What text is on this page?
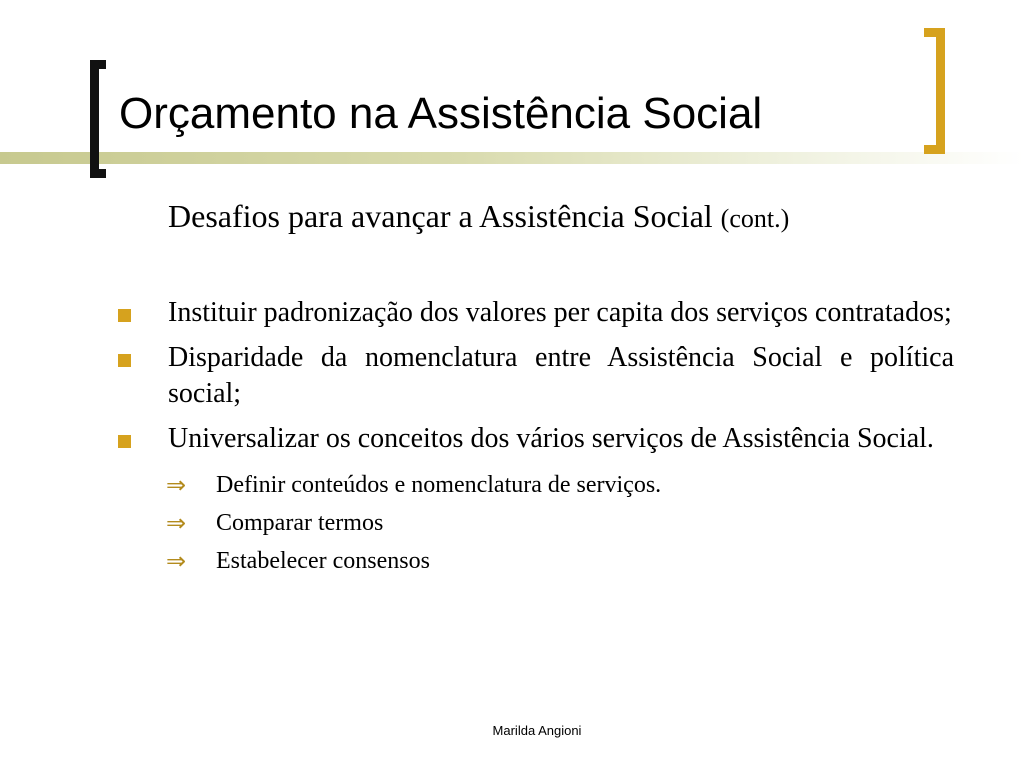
Orçamento na Assistência Social
Desafios para avançar a Assistência Social (cont.)
Instituir padronização dos valores per capita dos serviços contratados;
Disparidade da nomenclatura entre Assistência Social e política social;
Universalizar os conceitos dos vários serviços de Assistência Social.
⇒ Definir conteúdos e nomenclatura de serviços.
⇒ Comparar termos
⇒ Estabelecer consensos
Marilda Angioni
